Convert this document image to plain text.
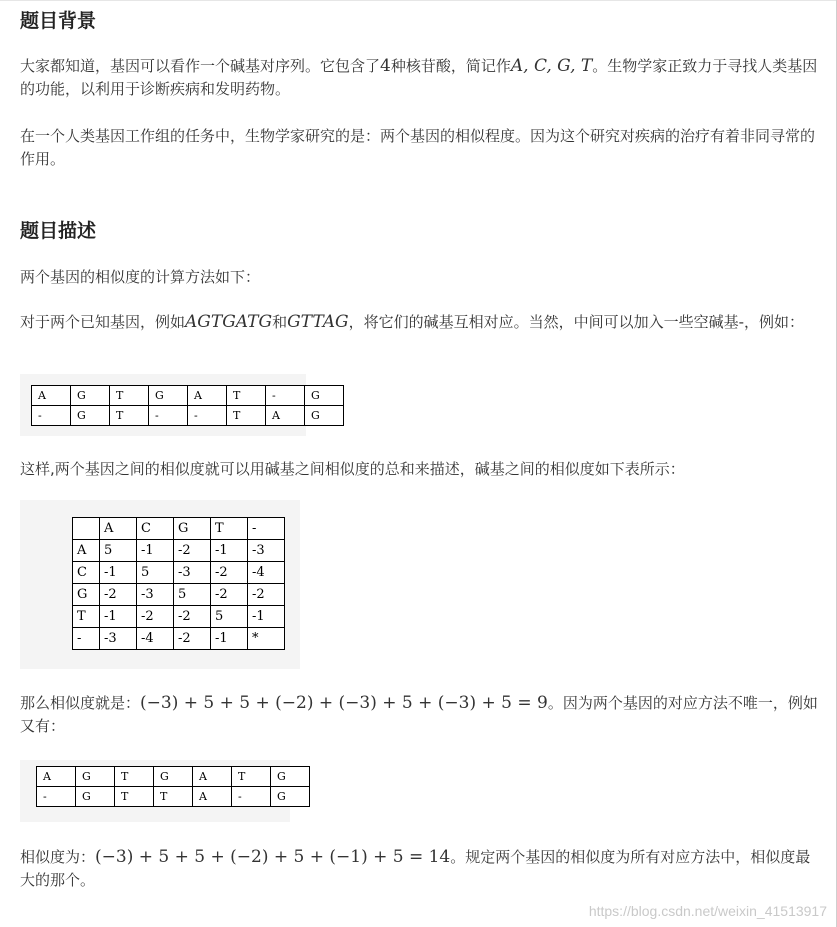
题目背景

大家都知道，基因可以看作一个碱基对序列。它包含了4种核苷酸，简记作A, C, G, T。生物学家正致力于寻找人类基因的功能，以利用于诊断疾病和发明药物。

在一个人类基因工作组的任务中，生物学家研究的是：两个基因的相似程度。因为这个研究对疾病的治疗有着非同寻常的作用。

题目描述

两个基因的相似度的计算方法如下：

对于两个已知基因，例如AGTGATG和GTTAG，将它们的碱基互相对应。当然，中间可以加入一些空碱基-，例如：

A	G	T	G	A	T	-	G
-	G	T	-	-	T	A	G

这样,两个基因之间的相似度就可以用碱基之间相似度的总和来描述，碱基之间的相似度如下表所示：

	A	C	G	T	-
A	5	-1	-2	-1	-3
C	-1	5	-3	-2	-4
G	-2	-3	5	-2	-2
T	-1	-2	-2	5	-1
-	-3	-4	-2	-1	*

那么相似度就是：(−3) + 5 + 5 + (−2) + (−3) + 5 + (−3) + 5 = 9。因为两个基因的对应方法不唯一，例如又有：

A	G	T	G	A	T	G
-	G	T	T	A	-	G

相似度为：(−3) + 5 + 5 + (−2) + 5 + (−1) + 5 = 14。规定两个基因的相似度为所有对应方法中，相似度最大的那个。

https://blog.csdn.net/weixin_41513917
